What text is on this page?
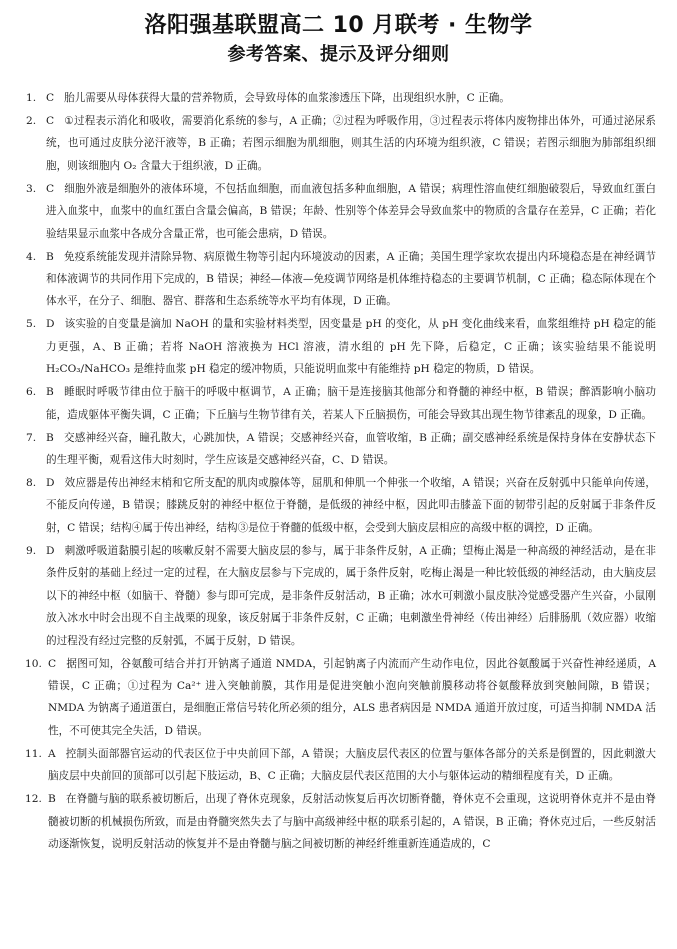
洛阳强基联盟高二 10 月联考 · 生物学
参考答案、提示及评分细则
1. C 胎儿需要从母体获得大量的营养物质，会导致母体的血浆渗透压下降，出现组织水肿，C 正确。
2. C ①过程表示消化和吸收，需要消化系统的参与，A 正确；②过程为呼吸作用，③过程表示将体内废物排出体外，可通过泌尿系统，也可通过皮肤分泌汗液等，B 正确；若图示细胞为肌细胞，则其生活的内环境为组织液，C 错误；若图示细胞为肺部组织细胞，则该细胞内 O₂ 含量大于组织液，D 正确。
3. C 细胞外液是细胞外的液体环境，不包括血细胞，而血液包括多种血细胞，A 错误；病理性溶血使红细胞破裂后，导致血红蛋白进入血浆中，血浆中的血红蛋白含量会偏高，B 错误；年龄、性别等个体差异会导致血浆中的物质的含量存在差异，C 正确；若化验结果显示血浆中各成分含量正常，也可能会患病，D 错误。
4. B 免疫系统能发现并清除异物、病原微生物等引起内环境波动的因素，A 正确；美国生理学家坎农提出内环境稳态是在神经调节和体液调节的共同作用下完成的，B 错误；神经—体液—免疫调节网络是机体维持稳态的主要调节机制，C 正确；稳态际体现在个体水平，在分子、细胞、器官、群落和生态系统等水平均有体现，D 正确。
5. D 该实验的自变量是滴加 NaOH 的量和实验材料类型，因变量是 pH 的变化，从 pH 变化曲线来看，血浆组维持 pH 稳定的能力更强，A、B 正确；若将 NaOH 溶液换为 HCl 溶液，清水组的 pH 先下降，后稳定，C 正确；该实验结果不能说明 H₂CO₃/NaHCO₃ 是维持血浆 pH 稳定的缓冲物质，只能说明血浆中有能维持 pH 稳定的物质，D 错误。
6. B 睡眠时呼吸节律由位于脑干的呼吸中枢调节，A 正确；脑干是连接脑其他部分和脊髓的神经中枢，B 错误；醉酒影响小脑功能，造成躯体平衡失调，C 正确；下丘脑与生物节律有关，若某人下丘脑损伤，可能会导致其出现生物节律紊乱的现象，D 正确。
7. B 交感神经兴奋，瞳孔散大，心跳加快，A 错误；交感神经兴奋，血管收缩，B 正确；副交感神经系统是保持身体在安静状态下的生理平衡，观看这伟大时刻时，学生应该是交感神经兴奋，C、D 错误。
8. D 效应器是传出神经末梢和它所支配的肌肉或腺体等，屈肌和伸肌一个伸张一个收缩，A 错误；兴奋在反射弧中只能单向传递，不能反向传递，B 错误；膝跳反射的神经中枢位于脊髓，是低级的神经中枢，因此叩击膝盖下面的韧带引起的反射属于非条件反射，C 错误；结构④属于传出神经，结构③是位于脊髓的低级中枢，会受到大脑皮层相应的高级中枢的调控，D 正确。
9. D 刺激呼吸道黏膜引起的咳嗽反射不需要大脑皮层的参与，属于非条件反射，A 正确；望梅止渴是一种高级的神经活动，是在非条件反射的基础上经过一定的过程，在大脑皮层参与下完成的，属于条件反射，吃梅止渴是一种比较低级的神经活动，由大脑皮层以下的神经中枢（如脑干、脊髓）参与即可完成，是非条件反射活动，B 正确；冰水可刺激小鼠皮肤冷觉感受器产生兴奋，小鼠刚放入冰水中时会出现不自主战栗的现象，该反射属于非条件反射，C 正确；电刺激坐骨神经（传出神经）后腓肠肌（效应器）收缩的过程没有经过完整的反射弧，不属于反射，D 错误。
10. C 据图可知，谷氨酸可结合并打开钠离子通道 NMDA，引起钠离子内流而产生动作电位，因此谷氨酸属于兴奋性神经递质，A 错误，C 正确；①过程为 Ca²⁺ 进入突触前膜，其作用是促进突触小泡向突触前膜移动将谷氨酸释放到突触间隙，B 错误；NMDA 为钠离子通道蛋白，是细胞正常信号转化所必须的组分，ALS 患者病因是 NMDA 通道开放过度，可适当抑制 NMDA 活性，不可使其完全失活，D 错误。
11. A 控制头面部器官运动的代表区位于中央前回下部，A 错误；大脑皮层代表区的位置与躯体各部分的关系是倒置的，因此刺激大脑皮层中央前回的顶部可以引起下肢运动，B、C 正确；大脑皮层代表区范围的大小与躯体运动的精细程度有关，D 正确。
12. B 在脊髓与脑的联系被切断后，出现了脊休克现象，反射活动恢复后再次切断脊髓，脊休克不会重现，这说明脊休克并不是由脊髓被切断的机械损伤所致，而是由脊髓突然失去了与脑中高级神经中枢的联系引起的，A 错误，B 正确；脊休克过后，一些反射活动逐渐恢复，说明反射活动的恢复并不是由脊髓与脑之间被切断的神经纤维重新连通造成的，C
